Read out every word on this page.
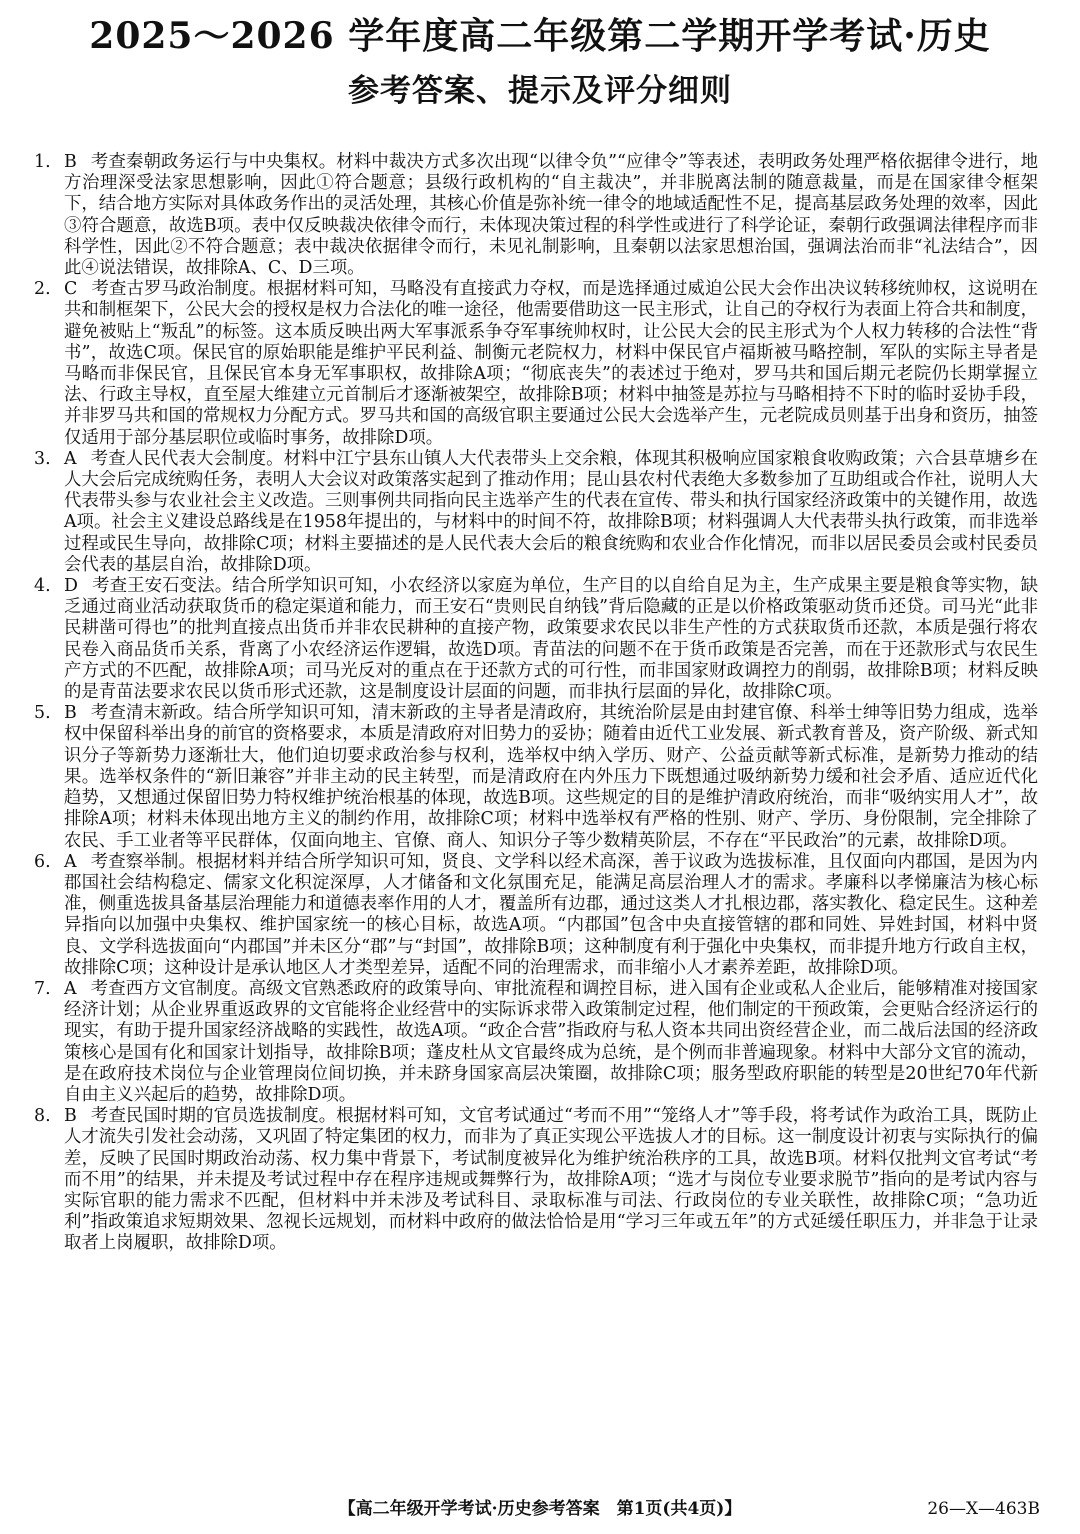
2025～2026 学年度高二年级第二学期开学考试·历史
参考答案、提示及评分细则

1. B 考查秦朝政务运行与中央集权。材料中裁决方式多次出现“以律令负”“应律令”等表述，表明政务处理严格依据律令进行，地方治理深受法家思想影响，因此①符合题意；县级行政机构的“自主裁决”，并非脱离法制的随意裁量，而是在国家律令框架下，结合地方实际对具体政务作出的灵活处理，其核心价值是弥补统一律令的地域适配性不足，提高基层政务处理的效率，因此③符合题意，故选B项。表中仅反映裁决依律令而行，未体现决策过程的科学性或进行了科学论证，秦朝行政强调法律程序而非科学性，因此②不符合题意；表中裁决依据律令而行，未见礼制影响，且秦朝以法家思想治国，强调法治而非“礼法结合”，因此④说法错误，故排除A、C、D三项。

2. C 考查古罗马政治制度。根据材料可知，马略没有直接武力夺权，而是选择通过威迫公民大会作出决议转移统帅权，这说明在共和制框架下，公民大会的授权是权力合法化的唯一途径，他需要借助这一民主形式，让自己的夺权行为表面上符合共和制度，避免被贴上“叛乱”的标签。这本质反映出两大军事派系争夺军事统帅权时，让公民大会的民主形式为个人权力转移的合法性“背书”，故选C项。保民官的原始职能是维护平民利益、制衡元老院权力，材料中保民官卢福斯被马略控制，军队的实际主导者是马略而非保民官，且保民官本身无军事职权，故排除A项；“彻底丧失”的表述过于绝对，罗马共和国后期元老院仍长期掌握立法、行政主导权，直至屋大维建立元首制后才逐渐被架空，故排除B项；材料中抽签是苏拉与马略相持不下时的临时妥协手段，并非罗马共和国的常规权力分配方式。罗马共和国的高级官职主要通过公民大会选举产生，元老院成员则基于出身和资历，抽签仅适用于部分基层职位或临时事务，故排除D项。

3. A 考查人民代表大会制度。材料中江宁县东山镇人大代表带头上交余粮，体现其积极响应国家粮食收购政策；六合县草塘乡在人大会后完成统购任务，表明人大会议对政策落实起到了推动作用；昆山县农村代表绝大多数参加了互助组或合作社，说明人大代表带头参与农业社会主义改造。三则事例共同指向民主选举产生的代表在宣传、带头和执行国家经济政策中的关键作用，故选A项。社会主义建设总路线是在1958年提出的，与材料中的时间不符，故排除B项；材料强调人大代表带头执行政策，而非选举过程或民生导向，故排除C项；材料主要描述的是人民代表大会后的粮食统购和农业合作化情况，而非以居民委员会或村民委员会代表的基层自治，故排除D项。

4. D 考查王安石变法。结合所学知识可知，小农经济以家庭为单位，生产目的以自给自足为主，生产成果主要是粮食等实物，缺乏通过商业活动获取货币的稳定渠道和能力，而王安石“贵则民自纳钱”背后隐藏的正是以价格政策驱动货币还贷。司马光“此非民耕凿可得也”的批判直接点出货币并非农民耕种的直接产物，政策要求农民以非生产性的方式获取货币还款，本质是强行将农民卷入商品货币关系，背离了小农经济运作逻辑，故选D项。青苗法的问题不在于货币政策是否完善，而在于还款形式与农民生产方式的不匹配，故排除A项；司马光反对的重点在于还款方式的可行性，而非国家财政调控力的削弱，故排除B项；材料反映的是青苗法要求农民以货币形式还款，这是制度设计层面的问题，而非执行层面的异化，故排除C项。

5. B 考查清末新政。结合所学知识可知，清末新政的主导者是清政府，其统治阶层是由封建官僚、科举士绅等旧势力组成，选举权中保留科举出身的前官的资格要求，本质是清政府对旧势力的妥协；随着由近代工业发展、新式教育普及，资产阶级、新式知识分子等新势力逐渐壮大，他们迫切要求政治参与权利，选举权中纳入学历、财产、公益贡献等新式标准，是新势力推动的结果。选举权条件的“新旧兼容”并非主动的民主转型，而是清政府在内外压力下既想通过吸纳新势力缓和社会矛盾、适应近代化趋势，又想通过保留旧势力特权维护统治根基的体现，故选B项。这些规定的目的是维护清政府统治，而非“吸纳实用人才”，故排除A项；材料未体现出地方主义的制约作用，故排除C项；材料中选举权有严格的性别、财产、学历、身份限制，完全排除了农民、手工业者等平民群体，仅面向地主、官僚、商人、知识分子等少数精英阶层，不存在“平民政治”的元素，故排除D项。

6. A 考查察举制。根据材料并结合所学知识可知，贤良、文学科以经术高深，善于议政为选拔标准，且仅面向内郡国，是因为内郡国社会结构稳定、儒家文化积淀深厚，人才储备和文化氛围充足，能满足高层治理人才的需求。孝廉科以孝悌廉洁为核心标准，侧重选拔具备基层治理能力和道德表率作用的人才，覆盖所有边郡，通过这类人才扎根边郡，落实教化、稳定民生。这种差异指向以加强中央集权、维护国家统一的核心目标，故选A项。“内郡国”包含中央直接管辖的郡和同姓、异姓封国，材料中贤良、文学科选拔面向“内郡国”并未区分“郡”与“封国”，故排除B项；这种制度有利于强化中央集权，而非提升地方行政自主权，故排除C项；这种设计是承认地区人才类型差异，适配不同的治理需求，而非缩小人才素养差距，故排除D项。

7. A 考查西方文官制度。高级文官熟悉政府的政策导向、审批流程和调控目标，进入国有企业或私人企业后，能够精准对接国家经济计划；从企业界重返政界的文官能将企业经营中的实际诉求带入政策制定过程，他们制定的干预政策，会更贴合经济运行的现实，有助于提升国家经济战略的实践性，故选A项。“政企合营”指政府与私人资本共同出资经营企业，而二战后法国的经济政策核心是国有化和国家计划指导，故排除B项；蓬皮杜从文官最终成为总统，是个例而非普遍现象。材料中大部分文官的流动，是在政府技术岗位与企业管理岗位间切换，并未跻身国家高层决策圈，故排除C项；服务型政府职能的转型是20世纪70年代新自由主义兴起后的趋势，故排除D项。

8. B 考查民国时期的官员选拔制度。根据材料可知，文官考试通过“考而不用”“笼络人才”等手段，将考试作为政治工具，既防止人才流失引发社会动荡，又巩固了特定集团的权力，而非为了真正实现公平选拔人才的目标。这一制度设计初衷与实际执行的偏差，反映了民国时期政治动荡、权力集中背景下，考试制度被异化为维护统治秩序的工具，故选B项。材料仅批判文官考试“考而不用”的结果，并未提及考试过程中存在程序违规或舞弊行为，故排除A项；“选才与岗位专业要求脱节”指向的是考试内容与实际官职的能力需求不匹配，但材料中并未涉及考试科目、录取标准与司法、行政岗位的专业关联性，故排除C项；“急功近利”指政策追求短期效果、忽视长远规划，而材料中政府的做法恰恰是用“学习三年或五年”的方式延缓任职压力，并非急于让录取者上岗履职，故排除D项。

【高二年级开学考试·历史参考答案　第1页(共4页)】	26—X—463B
